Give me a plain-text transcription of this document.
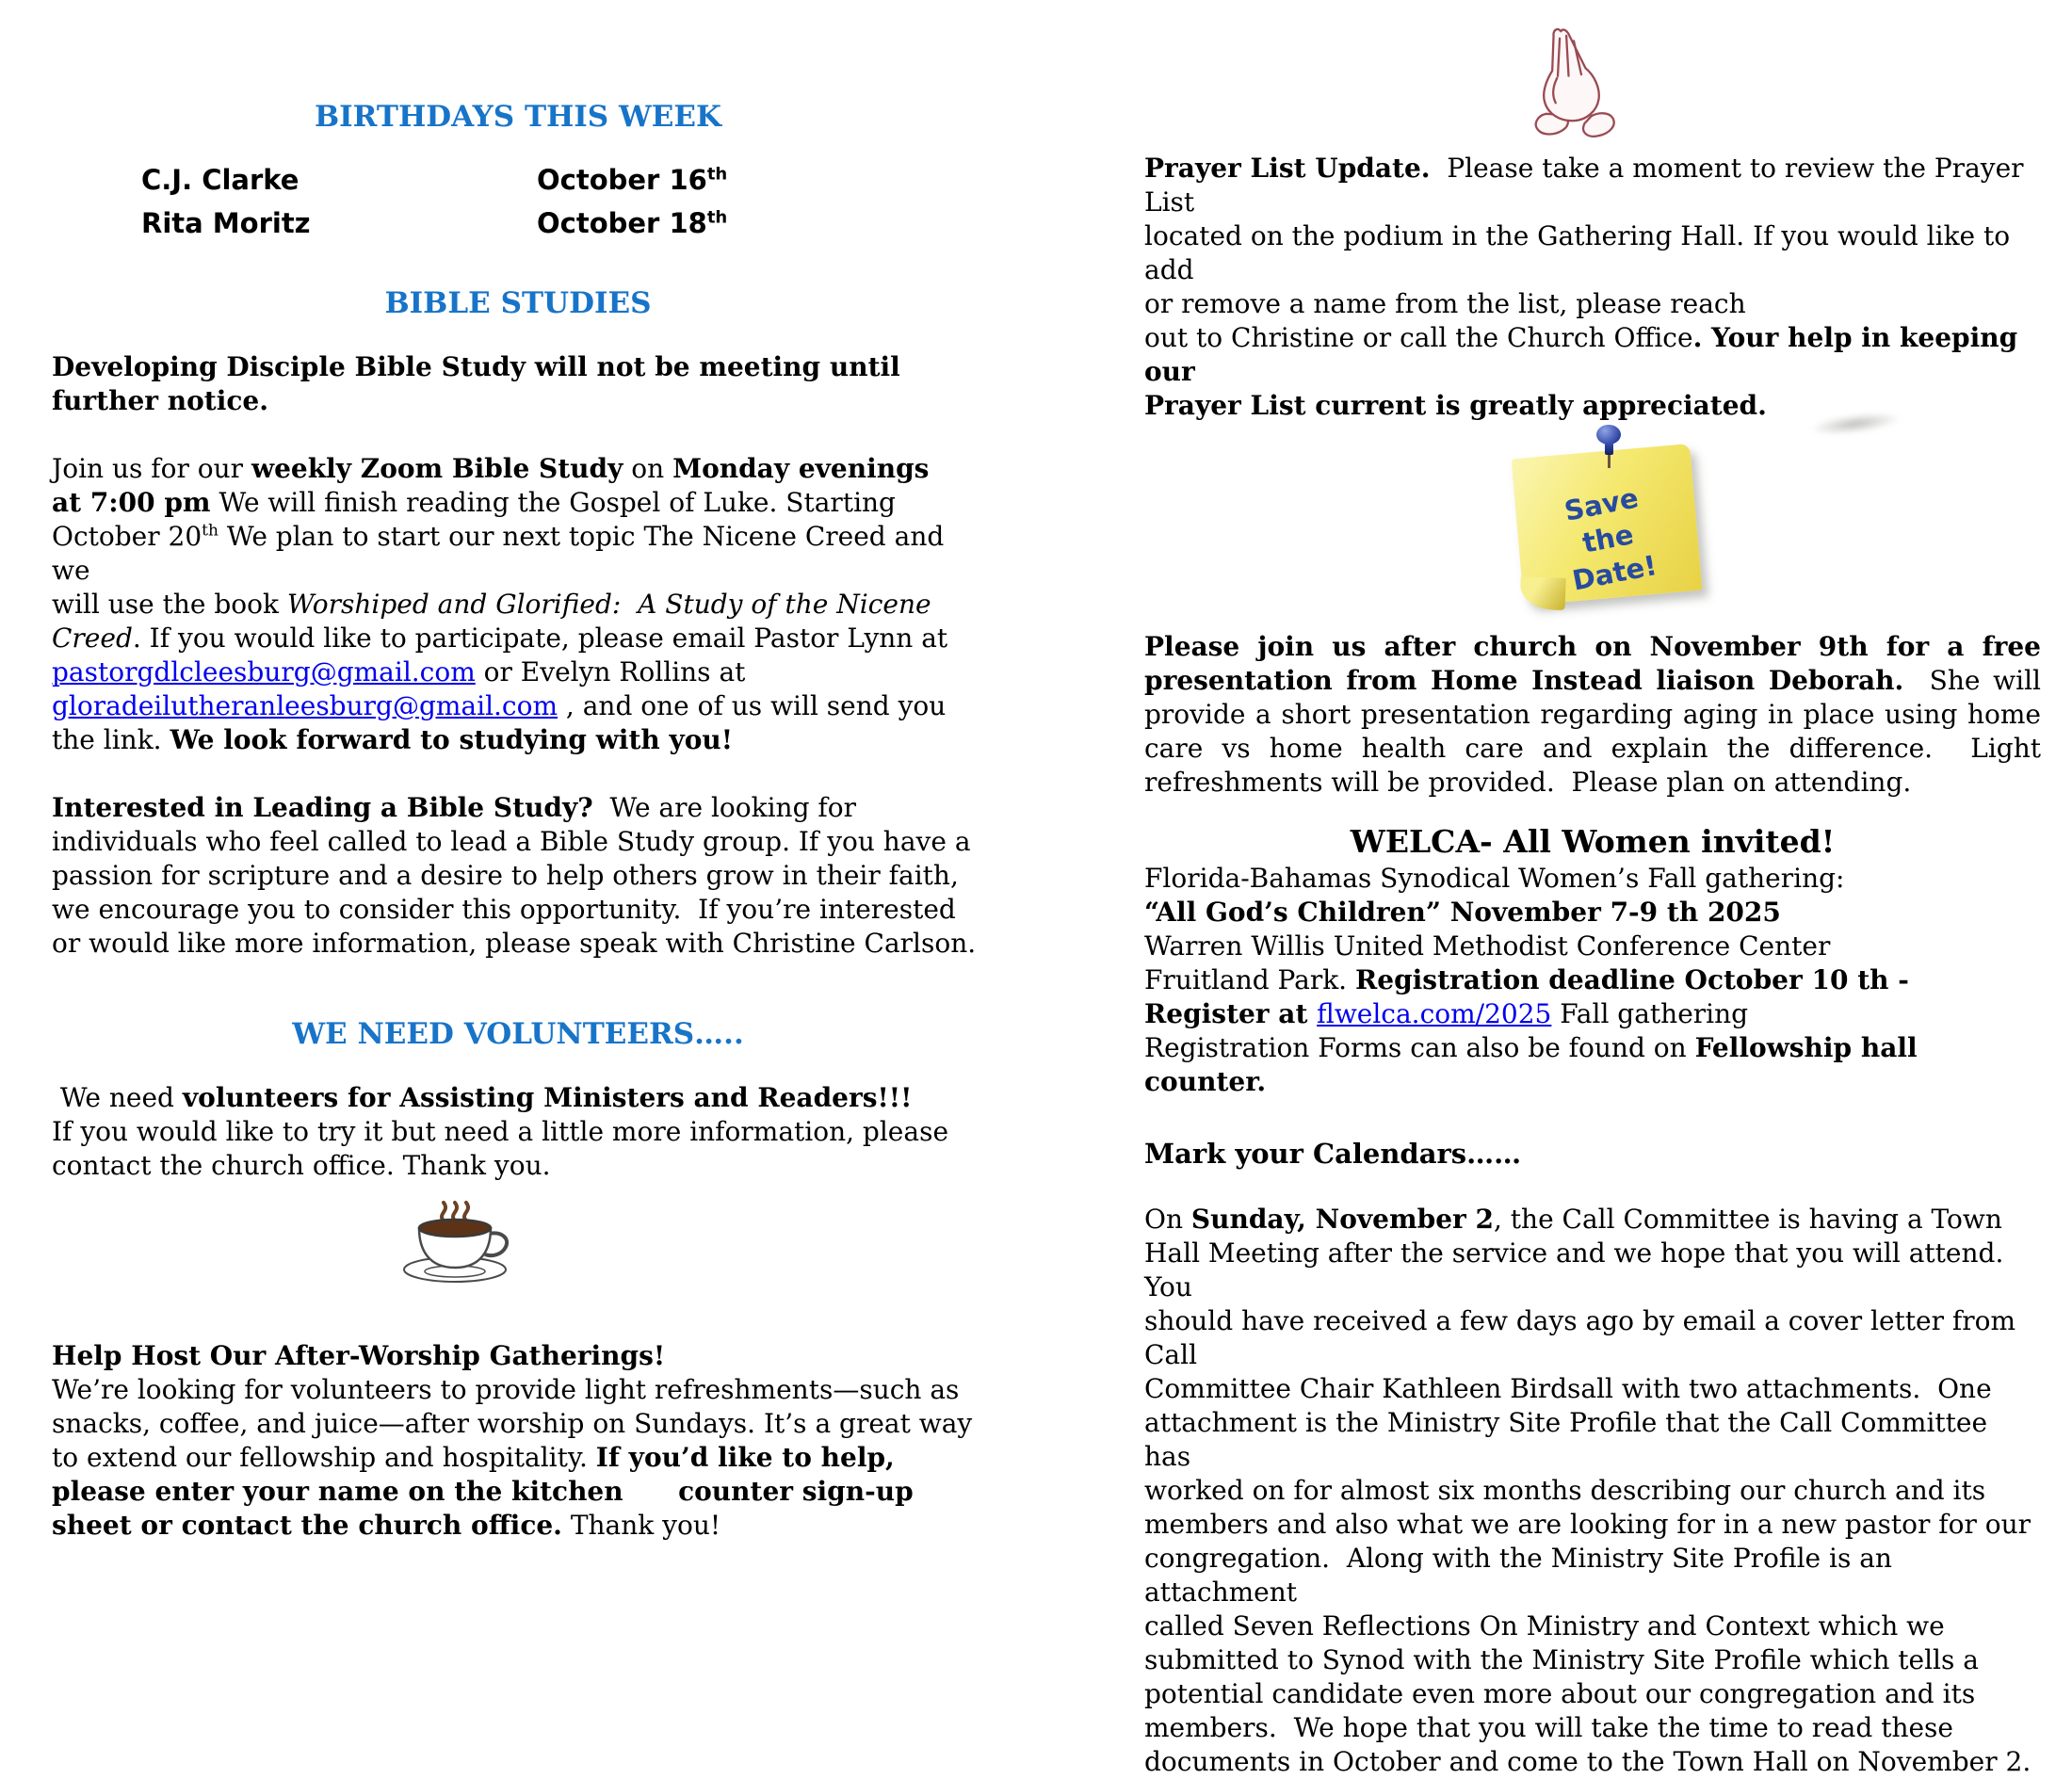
BIRTHDAYS THIS WEEK
C.J. Clarke	October 16th
Rita Moritz	October 18th
BIBLE STUDIES
Developing Disciple Bible Study will not be meeting until
further notice.
Join us for our weekly Zoom Bible Study on Monday evenings
at 7:00 pm We will finish reading the Gospel of Luke. Starting
October 20th We plan to start our next topic The Nicene Creed and we
will use the book Worshiped and Glorified:  A Study of the Nicene
Creed. If you would like to participate, please email Pastor Lynn at
pastorgdlcleesburg@gmail.com or Evelyn Rollins at
gloradeilutheranleesburg@gmail.com , and one of us will send you
the link. We look forward to studying with you!
Interested in Leading a Bible Study?  We are looking for
individuals who feel called to lead a Bible Study group. If you have a
passion for scripture and a desire to help others grow in their faith,
we encourage you to consider this opportunity.  If you’re interested
or would like more information, please speak with Christine Carlson.
WE NEED VOLUNTEERS…..
We need volunteers for Assisting Ministers and Readers!!!
If you would like to try it but need a little more information, please
contact the church office. Thank you.
Help Host Our After-Worship Gatherings!
We’re looking for volunteers to provide light refreshments—such as
snacks, coffee, and juice—after worship on Sundays. It’s a great way
to extend our fellowship and hospitality. If you’d like to help,
please enter your name on the kitchen      counter sign-up
sheet or contact the church office. Thank you!
Prayer List Update.  Please take a moment to review the Prayer List
located on the podium in the Gathering Hall. If you would like to add
or remove a name from the list, please reach
out to Christine or call the Church Office. Your help in keeping our
Prayer List current is greatly appreciated.
Save
the
Date!
Please join us after church on November 9th for a free presentation from Home Instead liaison Deborah.  She will provide a short presentation regarding aging in place using home care vs home health care and explain the difference.  Light refreshments will be provided.  Please plan on attending.
WELCA- All Women invited!
Florida-Bahamas Synodical Women’s Fall gathering:
“All God’s Children” November 7-9 th 2025
Warren Willis United Methodist Conference Center
Fruitland Park. Registration deadline October 10 th -
Register at flwelca.com/2025 Fall gathering
Registration Forms can also be found on Fellowship hall counter.
Mark your Calendars……
On Sunday, November 2, the Call Committee is having a Town
Hall Meeting after the service and we hope that you will attend. You
should have received a few days ago by email a cover letter from Call
Committee Chair Kathleen Birdsall with two attachments.  One
attachment is the Ministry Site Profile that the Call Committee has
worked on for almost six months describing our church and its
members and also what we are looking for in a new pastor for our
congregation.  Along with the Ministry Site Profile is an attachment
called Seven Reflections On Ministry and Context which we
submitted to Synod with the Ministry Site Profile which tells a
potential candidate even more about our congregation and its
members.  We hope that you will take the time to read these
documents in October and come to the Town Hall on November 2.
